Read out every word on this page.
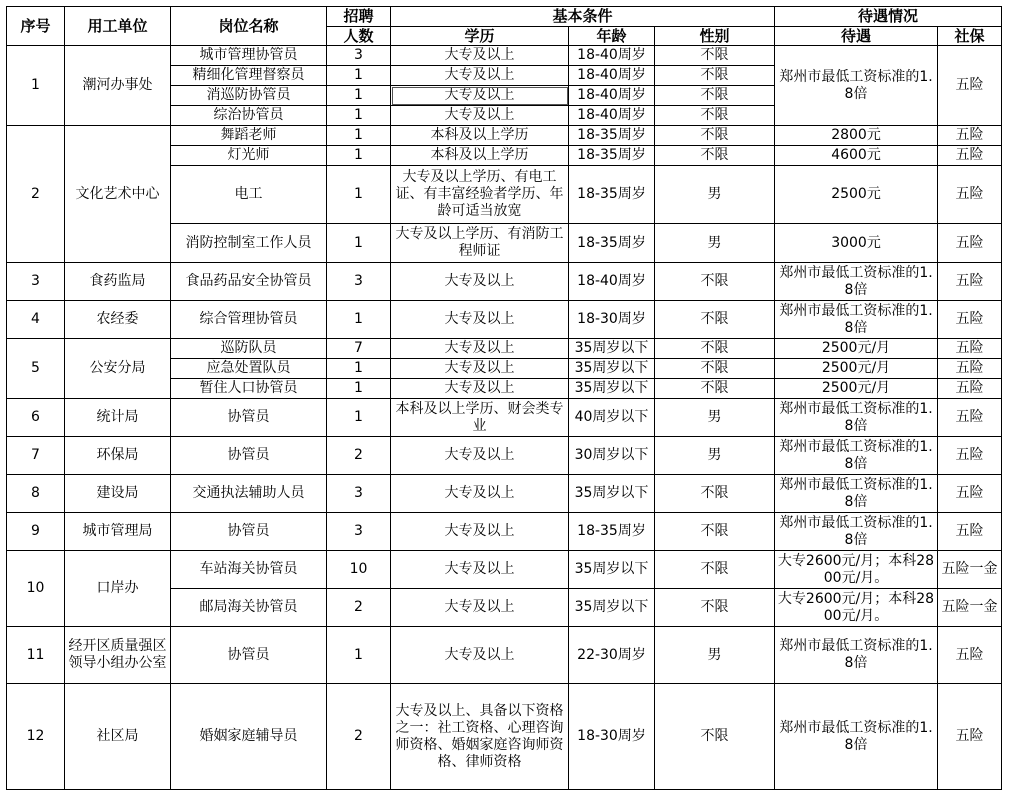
序号	用工单位	岗位名称	招聘	基本条件			待遇情况	
			人数	学历	年龄	性别	待遇	社保
1	潮河办事处	城市管理协管员	3	大专及以上	18-40周岁	不限	郑州市最低工资标准的1.8倍	五险
		精细化管理督察员	1	大专及以上	18-40周岁	不限		
		消巡防协管员	1	大专及以上	18-40周岁	不限		
		综治协管员	1	大专及以上	18-40周岁	不限		
2	文化艺术中心	舞蹈老师	1	本科及以上学历	18-35周岁	不限	2800元	五险
		灯光师	1	本科及以上学历	18-35周岁	不限	4600元	五险
		电工	1	大专及以上学历、有电工证、有丰富经验者学历、年龄可适当放宽	18-35周岁	男	2500元	五险
		消防控制室工作人员	1	大专及以上学历、有消防工程师证	18-35周岁	男	3000元	五险
3	食药监局	食品药品安全协管员	3	大专及以上	18-40周岁	不限	郑州市最低工资标准的1.8倍	五险
4	农经委	综合管理协管员	1	大专及以上	18-30周岁	不限	郑州市最低工资标准的1.8倍	五险
5	公安分局	巡防队员	7	大专及以上	35周岁以下	不限	2500元/月	五险
		应急处置队员	1	大专及以上	35周岁以下	不限	2500元/月	五险
		暂住人口协管员	1	大专及以上	35周岁以下	不限	2500元/月	五险
6	统计局	协管员	1	本科及以上学历、财会类专业	40周岁以下	男	郑州市最低工资标准的1.8倍	五险
7	环保局	协管员	2	大专及以上	30周岁以下	男	郑州市最低工资标准的1.8倍	五险
8	建设局	交通执法辅助人员	3	大专及以上	35周岁以下	不限	郑州市最低工资标准的1.8倍	五险
9	城市管理局	协管员	3	大专及以上	18-35周岁	不限	郑州市最低工资标准的1.8倍	五险
10	口岸办	车站海关协管员	10	大专及以上	35周岁以下	不限	大专2600元/月；本科2800元/月。	五险一金
		邮局海关协管员	2	大专及以上	35周岁以下	不限	大专2600元/月；本科2800元/月。	五险一金
11	经开区质量强区领导小组办公室	协管员	1	大专及以上	22-30周岁	男	郑州市最低工资标准的1.8倍	五险
12	社区局	婚姻家庭辅导员	2	大专及以上、具备以下资格之一：社工资格、心理咨询师资格、婚姻家庭咨询师资格、律师资格	18-30周岁	不限	郑州市最低工资标准的1.8倍	五险
